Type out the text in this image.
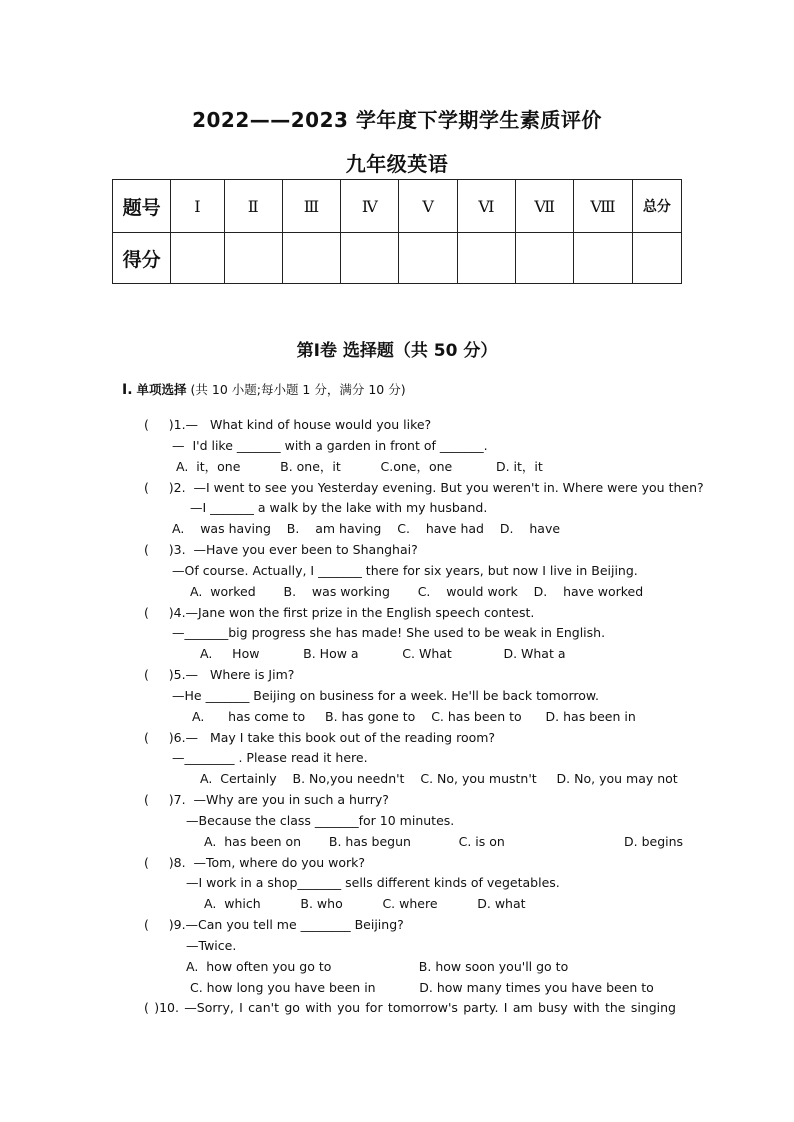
2022——2023 学年度下学期学生素质评价
九年级英语
题号	Ⅰ	Ⅱ	Ⅲ	Ⅳ	Ⅴ	Ⅵ	Ⅶ	Ⅷ	总分
得分									
第Ⅰ卷 选择题（共 50 分）
Ⅰ. 单项选择 (共 10 小题;每小题 1 分，满分 10 分)
(     )1.—   What kind of house would you like?
—  I'd like _______ with a garden in front of _______.
A.  it，one          B. one，it          C.one，one           D. it，it
(     )2.  —I went to see you Yesterday evening. But you weren't in. Where were you then?
—I _______ a walk by the lake with my husband.
A.    was having    B.    am having    C.    have had    D.    have
(     )3.  —Have you ever been to Shanghai?
—Of course. Actually, I _______ there for six years, but now I live in Beijing.
A.  worked       B.    was working       C.    would work    D.    have worked
(     )4.—Jane won the first prize in the English speech contest.
—_______big progress she has made! She used to be weak in English.
A.     How           B. How a           C. What             D. What a
(     )5.—   Where is Jim?
—He _______ Beijing on business for a week. He'll be back tomorrow.
A.      has come to     B. has gone to    C. has been to      D. has been in
(     )6.—   May I take this book out of the reading room?
—________ . Please read it here.
A.  Certainly    B. No,you needn't    C. No, you mustn't     D. No, you may not
(     )7.  —Why are you in such a hurry?
—Because the class _______for 10 minutes.
A.  has been on       B. has begun            C. is on                              D. begins
(     )8.  —Tom, where do you work?
—I work in a shop_______ sells different kinds of vegetables.
A.  which          B. who          C. where          D. what
(     )9.—Can you tell me ________ Beijing?
—Twice.
A.  how often you go to                      B. how soon you'll go to
C. how long you have been in           D. how many times you have been to
( )10. —Sorry, I can't go with you for tomorrow's party. I am busy with the singing
